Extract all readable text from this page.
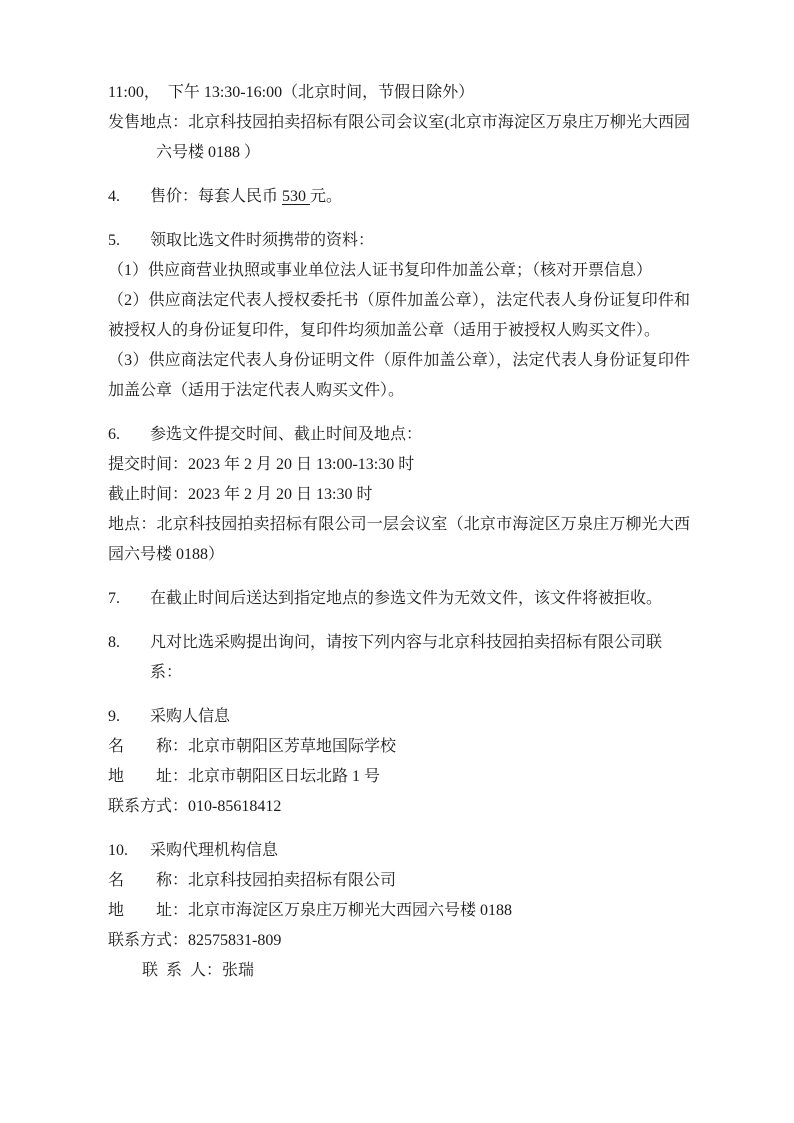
11:00，　下午 13:30-16:00（北京时间，节假日除外）

发售地点：北京科技园拍卖招标有限公司会议室(北京市海淀区万泉庄万柳光大西园六号楼 0188 ）

4.	售价：每套人民币 530 元。
5.	领取比选文件时须携带的资料：

（1）供应商营业执照或事业单位法人证书复印件加盖公章；（核对开票信息）

（2）供应商法定代表人授权委托书（原件加盖公章），法定代表人身份证复印件和被授权人的身份证复印件，复印件均须加盖公章（适用于被授权人购买文件）。

（3）供应商法定代表人身份证明文件（原件加盖公章），法定代表人身份证复印件加盖公章（适用于法定代表人购买文件）。

6.	参选文件提交时间、截止时间及地点：

提交时间：2023 年 2 月 20 日 13:00-13:30 时

截止时间：2023 年 2 月 20 日 13:30 时

地点：北京科技园拍卖招标有限公司一层会议室（北京市海淀区万泉庄万柳光大西园六号楼 0188）

7.	在截止时间后送达到指定地点的参选文件为无效文件，该文件将被拒收。
8.	凡对比选采购提出询问，请按下列内容与北京科技园拍卖招标有限公司联系：
9.	采购人信息

名　　称：北京市朝阳区芳草地国际学校

地　　址：北京市朝阳区日坛北路 1 号

联系方式：010-85618412

10.	采购代理机构信息

名　　称：北京科技园拍卖招标有限公司

地　　址：北京市海淀区万泉庄万柳光大西园六号楼 0188

联系方式：82575831-809

联 系 人：张瑞
